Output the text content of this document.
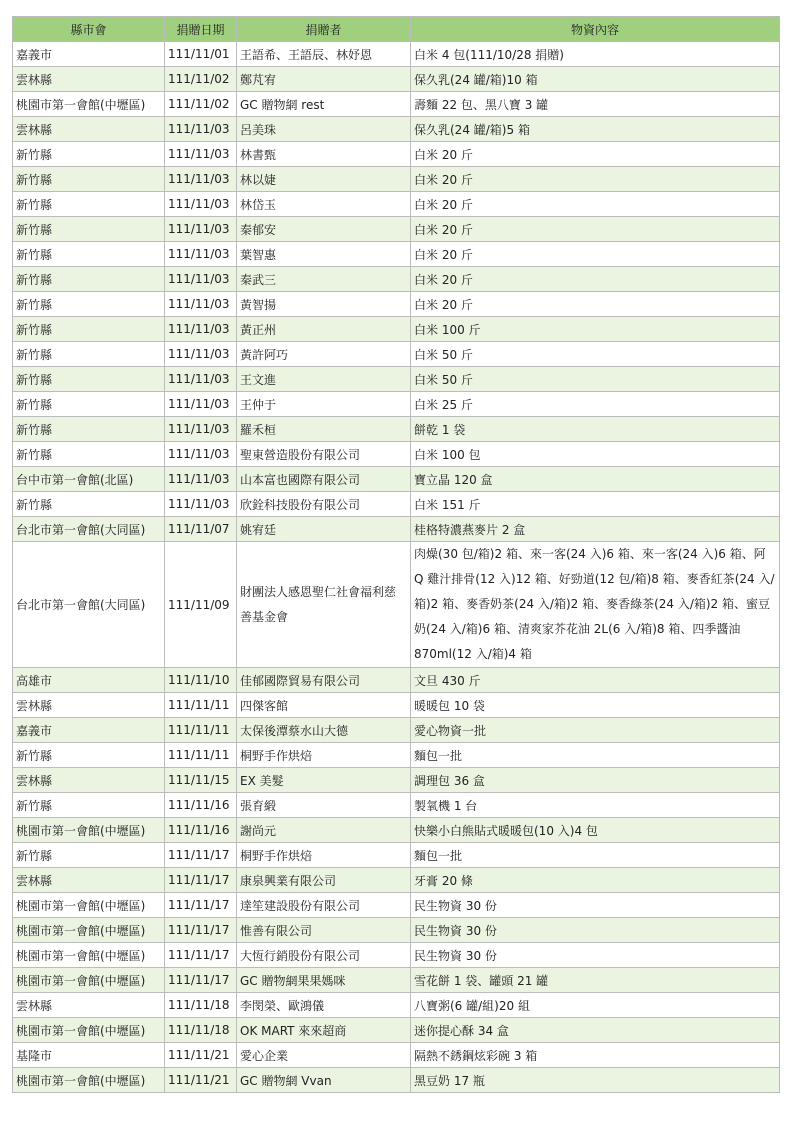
縣市會	捐贈日期	捐贈者	物資內容
嘉義市	111/11/01	王語希、王語辰、林妤恩	白米 4 包(111/10/28 捐贈)
雲林縣	111/11/02	鄭芃宥	保久乳(24 罐/箱)10 箱
桃園市第一會館(中壢區)	111/11/02	GC 贈物網 rest	壽麵 22 包、黑八寶 3 罐
雲林縣	111/11/03	呂美珠	保久乳(24 罐/箱)5 箱
新竹縣	111/11/03	林書甄	白米 20 斤
新竹縣	111/11/03	林以婕	白米 20 斤
新竹縣	111/11/03	林岱玉	白米 20 斤
新竹縣	111/11/03	秦郁安	白米 20 斤
新竹縣	111/11/03	葉智惠	白米 20 斤
新竹縣	111/11/03	秦武三	白米 20 斤
新竹縣	111/11/03	黃智揚	白米 20 斤
新竹縣	111/11/03	黃正州	白米 100 斤
新竹縣	111/11/03	黃許阿巧	白米 50 斤
新竹縣	111/11/03	王文進	白米 50 斤
新竹縣	111/11/03	王仲于	白米 25 斤
新竹縣	111/11/03	羅禾桓	餅乾 1 袋
新竹縣	111/11/03	聖東營造股份有限公司	白米 100 包
台中市第一會館(北區)	111/11/03	山本富也國際有限公司	寶立晶 120 盒
新竹縣	111/11/03	欣銓科技股份有限公司	白米 151 斤
台北市第一會館(大同區)	111/11/07	姚宥廷	桂格特濃燕麥片 2 盒
台北市第一會館(大同區)	111/11/09	財團法人感恩聖仁社會福利慈善基金會	肉燥(30 包/箱)2 箱、來一客(24 入)6 箱、來一客(24 入)6 箱、阿 Q 雞汁排骨(12 入)12 箱、好勁道(12 包/箱)8 箱、麥香紅茶(24 入/箱)2 箱、麥香奶茶(24 入/箱)2 箱、麥香綠茶(24 入/箱)2 箱、蜜豆奶(24 入/箱)6 箱、清爽家芥花油 2L(6 入/箱)8 箱、四季醬油 870ml(12 入/箱)4 箱
高雄市	111/11/10	佳郁國際貿易有限公司	文旦 430 斤
雲林縣	111/11/11	四傑客館	暖暖包 10 袋
嘉義市	111/11/11	太保後潭蔡水山大德	愛心物資一批
新竹縣	111/11/11	桐野手作烘焙	麵包一批
雲林縣	111/11/15	EX 美髮	調理包 36 盒
新竹縣	111/11/16	張育緞	製氧機 1 台
桃園市第一會館(中壢區)	111/11/16	謝尚元	快樂小白熊貼式暖暖包(10 入)4 包
新竹縣	111/11/17	桐野手作烘焙	麵包一批
雲林縣	111/11/17	康泉興業有限公司	牙膏 20 條
桃園市第一會館(中壢區)	111/11/17	達笙建設股份有限公司	民生物資 30 份
桃園市第一會館(中壢區)	111/11/17	惟善有限公司	民生物資 30 份
桃園市第一會館(中壢區)	111/11/17	大恆行銷股份有限公司	民生物資 30 份
桃園市第一會館(中壢區)	111/11/17	GC 贈物網果果媽咪	雪花餅 1 袋、罐頭 21 罐
雲林縣	111/11/18	李閔榮、歐鴻儀	八寶粥(6 罐/組)20 組
桃園市第一會館(中壢區)	111/11/18	OK MART 來來超商	迷你提心酥 34 盒
基隆市	111/11/21	愛心企業	隔熱不銹鋼炫彩碗 3 箱
桃園市第一會館(中壢區)	111/11/21	GC 贈物網 Vvan	黑豆奶 17 瓶
